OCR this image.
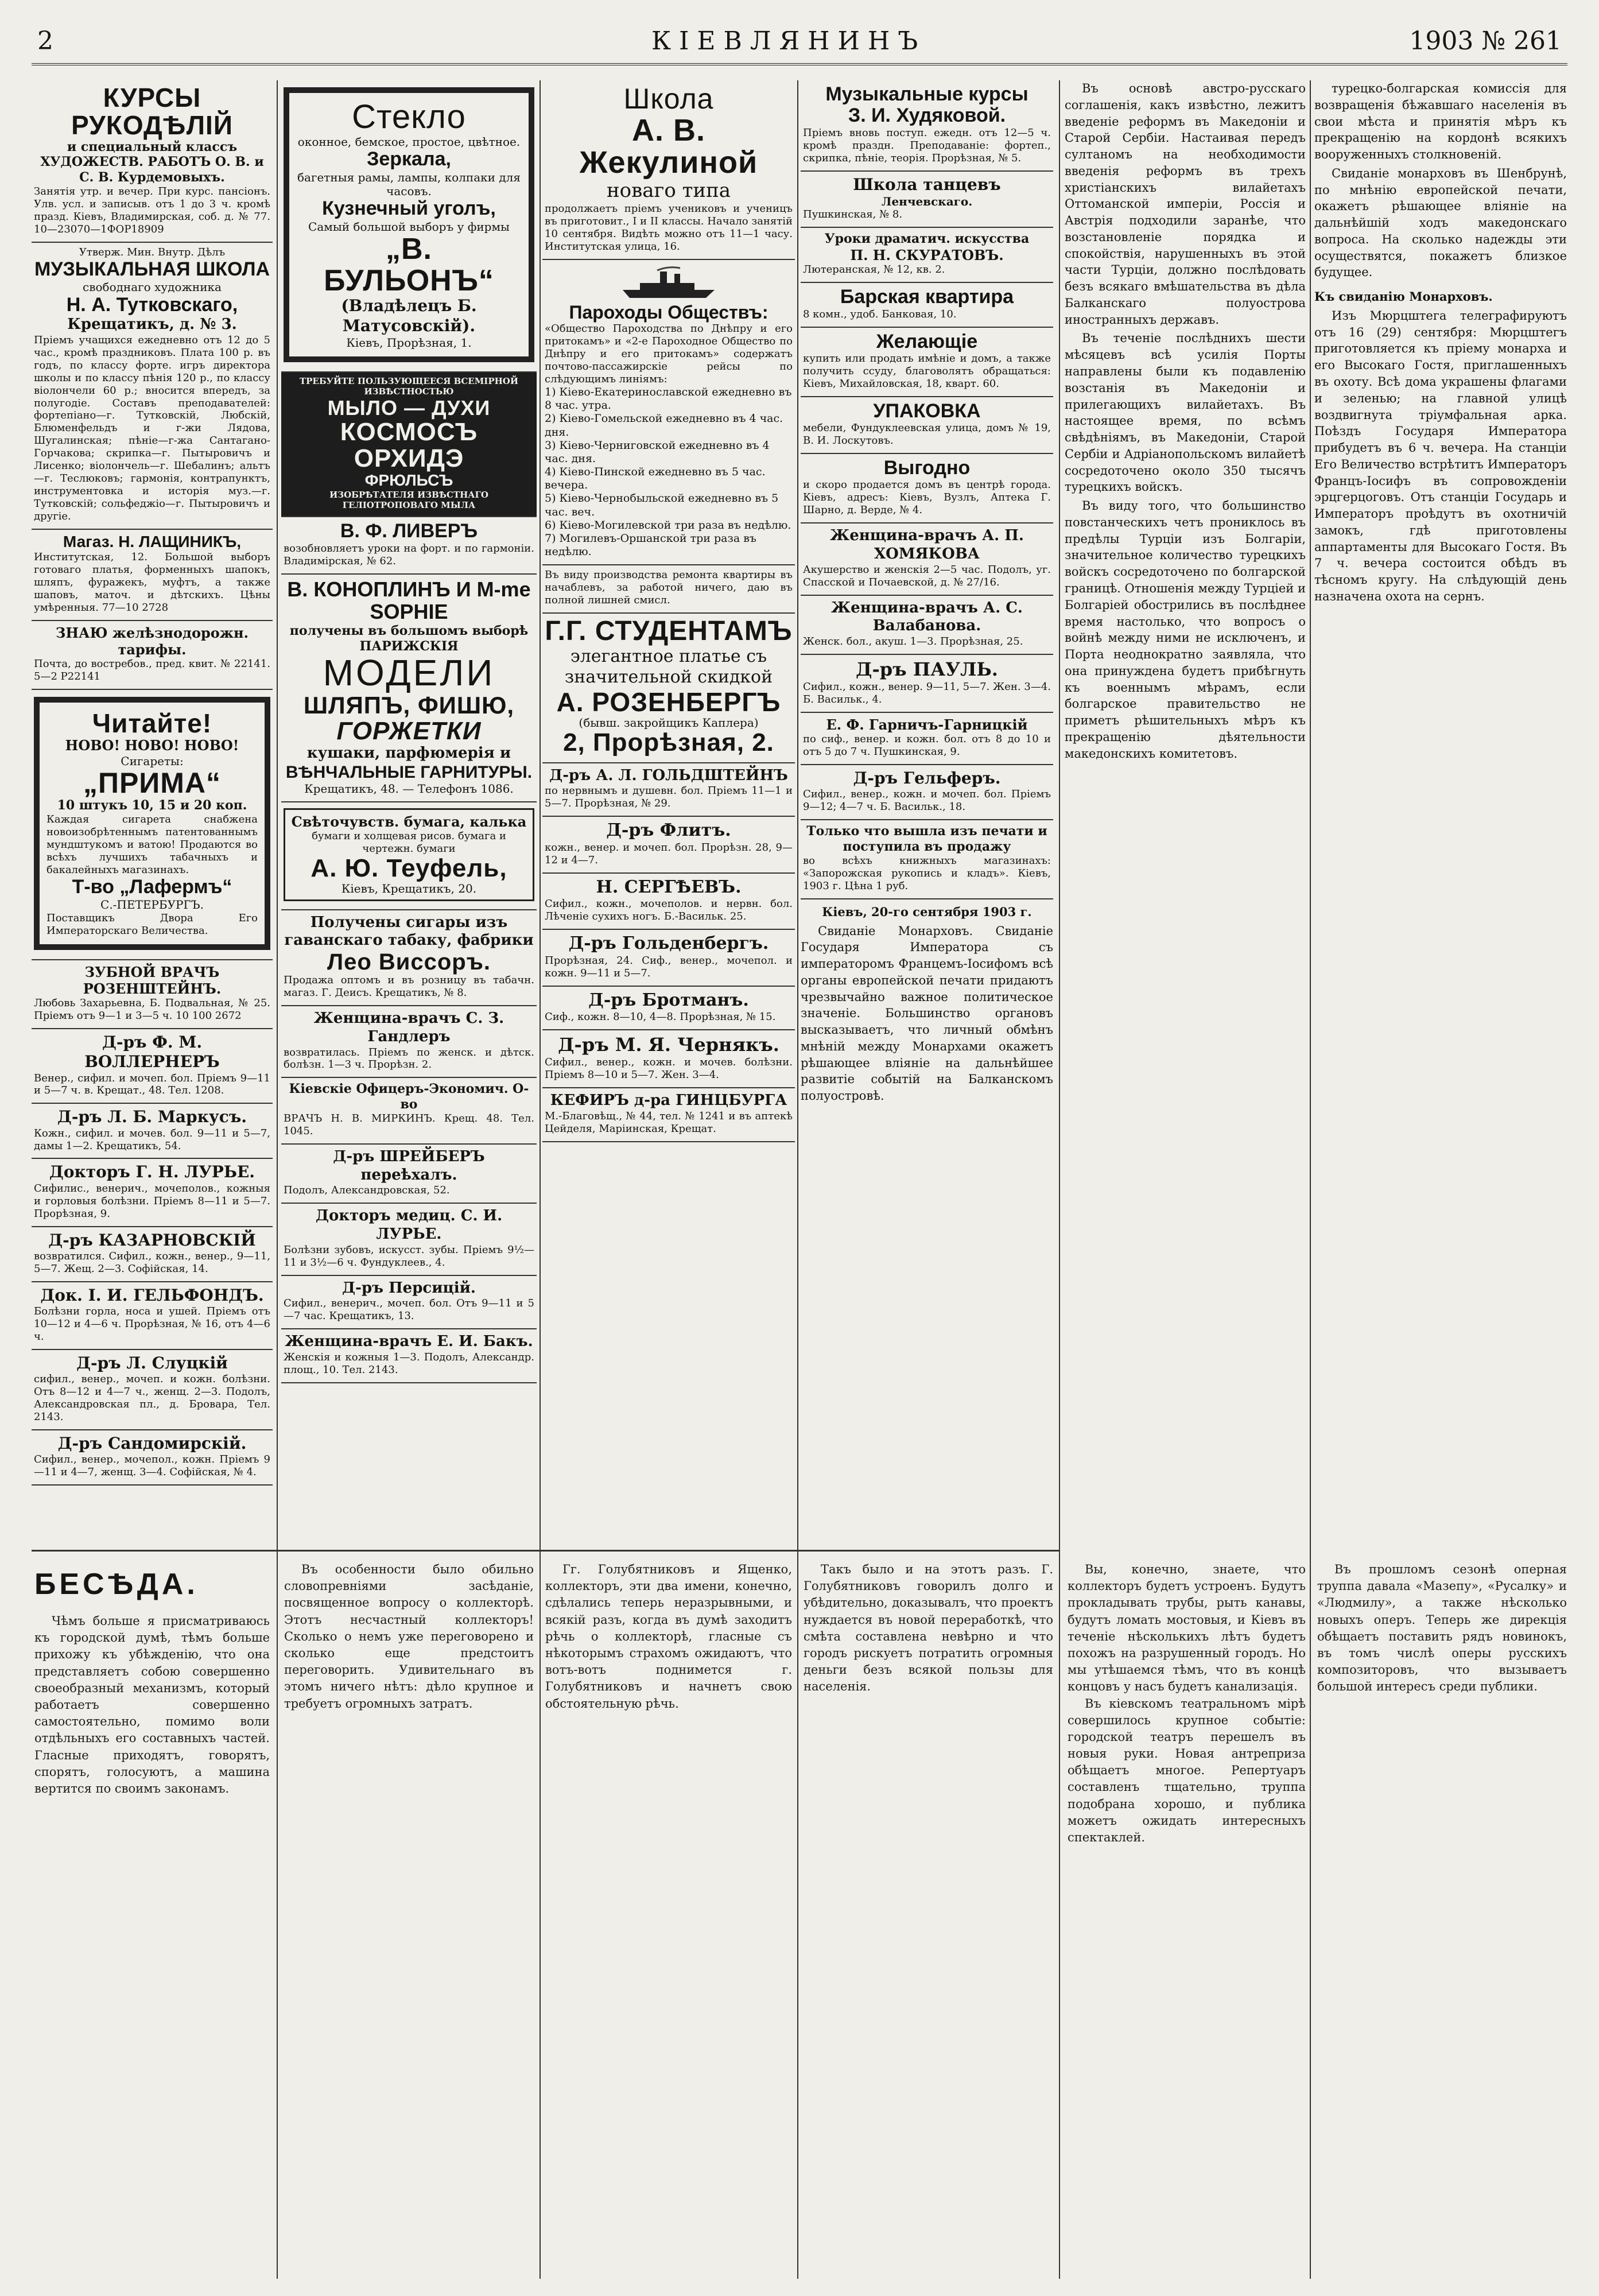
2	КІЕВЛЯНИНЪ	1903 № 261
КУРСЫ РУКОДѢЛІЙ
и специальный классъ ХУДОЖЕСТВ. РАБОТЪ О. В. и С. В. Курдемовыхъ.
Занятія утр. и вечер. При курс. пансіонъ. Улв. усл. и записыв. отъ 1 до 3 ч. кромѣ празд. Кіевъ, Владимирская, соб. д. № 77. 10—23070—1ФОР18909
Утверж. Мин. Внутр. Дѣлъ
МУЗЫКАЛЬНАЯ ШКОЛА
свободнаго художника
Н. А. Тутковскаго,
Крещатикъ, д. № 3.
Пріемъ учащихся ежедневно отъ 12 до 5 час., кромѣ праздниковъ. Плата 100 р. въ годъ, по классу форте. игръ директора школы и по классу пѣнія 120 р., по классу віолончели 60 р.; вносится впередъ, за полугодіе. Составъ преподавателей: фортепіано—г. Тутковскій, Любскій, Блюменфельдъ и г-жи Лядова, Шугалинская; пѣніе—г-жа Сантагано-Горчакова; скрипка—г. Пытыровичъ и Лисенко; віолончель—г. Шебалинъ; альтъ—г. Теслюковъ; гармонія, контрапунктъ, инструментовка и исторія муз.—г. Тутковскій; сольфеджіо—г. Пытыровичъ и другіе.
Магаз. Н. ЛАЩИНИКЪ,
Институтская, 12. Большой выборъ готоваго платья, форменныхъ шапокъ, шляпъ, фуражекъ, муфтъ, а также шаповъ, маточ. и дѣтскихъ. Цѣны умѣренныя. 77—10 2728
ЗНАЮ желѣзнодорожн. тарифы.
Почта, до востребов., пред. квит. № 22141. 5—2 Р22141
Читайте!
НОВО! НОВО! НОВО!
Сигареты:
„ПРИМА“
10 штукъ 10, 15 и 20 коп.
Каждая сигарета снабжена новоизобрѣтеннымъ патентованнымъ мундштукомъ и ватою! Продаются во всѣхъ лучшихъ табачныхъ и бакалейныхъ магазинахъ.
Т-во „Лафермъ“
С.-ПЕТЕРБУРГЪ.
Поставщикъ Двора Его Императорскаго Величества.
ЗУБНОЙ ВРАЧЪ РОЗЕНШТЕЙНЪ.
Любовь Захарьевна, Б. Подвальная, № 25. Пріемъ отъ 9—1 и 3—5 ч. 10 100 2672
Д-ръ Ф. М. ВОЛЛЕРНЕРЪ
Венер., сифил. и мочеп. бол. Пріемъ 9—11 и 5—7 ч. в. Крещат., 48. Тел. 1208.
Д-ръ Л. Б. Маркусъ.
Кожн., сифил. и мочев. бол. 9—11 и 5—7, дамы 1—2. Крещатикъ, 54.
Докторъ Г. Н. ЛУРЬЕ.
Сифилис., венерич., мочеполов., кожныя и горловыя болѣзни. Пріемъ 8—11 и 5—7. Прорѣзная, 9.
Д-ръ КАЗАРНОВСКІЙ
возвратился. Сифил., кожн., венер., 9—11, 5—7. Жещ. 2—3. Софійская, 14.
Док. І. И. ГЕЛЬФОНДЪ.
Болѣзни горла, носа и ушей. Пріемъ отъ 10—12 и 4—6 ч. Прорѣзная, № 16, отъ 4—6 ч.
Д-ръ Л. Слуцкій
сифил., венер., мочеп. и кожн. болѣзни. Отъ 8—12 и 4—7 ч., женщ. 2—3. Подолъ, Александровская пл., д. Бровара, Тел. 2143.
Д-ръ Сандомирскій.
Сифил., венер., мочепол., кожн. Пріемъ 9—11 и 4—7, женщ. 3—4. Софійская, № 4.
Стекло
оконное, бемское, простое, цвѣтное.
Зеркала,
багетныя рамы, лампы, колпаки для часовъ.
Кузнечный уголъ,
Самый большой выборъ у фирмы
„В. БУЛЬОНЪ“
(Владѣлецъ Б. Матусовскій).
Кіевъ, Прорѣзная, 1.
ТРЕБУЙТЕ ПОЛЬЗУЮЩЕЕСЯ ВСЕМІРНОЙ ИЗВѢСТНОСТЬЮ
МЫЛО — ДУХИ
КОСМОСЪ ОРХИДЭ
ФРЮЛЬСЪ
ИЗОБРѢТАТЕЛЯ ИЗВѢСТНАГО ГЕЛІОТРОПОВАГО МЫЛА
В. Ф. ЛИВЕРЪ
возобновляетъ уроки на форт. и по гармоніи. Владимірская, № 62.
В. КОНОПЛИНЪ И M-me SOPHIE
получены въ большомъ выборѣ ПАРИЖСКІЯ
МОДЕЛИ
ШЛЯПЪ, ФИШЮ,
ГОРЖЕТКИ
кушаки, парфюмерія и
ВѢНЧАЛЬНЫЕ ГАРНИТУРЫ.
Крещатикъ, 48. — Телефонъ 1086.
Свѣточувств. бумага, калька
бумаги и холщевая рисов. бумага и чертежн. бумаги
А. Ю. Теуфель,
Кіевъ, Крещатикъ, 20.
Получены сигары изъ гаванскаго табаку, фабрики
Лео Виссоръ.
Продажа оптомъ и въ розницу въ табачн. магаз. Г. Деисъ. Крещатикъ, № 8.
Женщина-врачъ С. З. Гандлеръ
возвратилась. Пріемъ по женск. и дѣтск. болѣзн. 1—3 ч. Прорѣзн. 2.
Кіевскіе Офицеръ-Экономич. О-во
ВРАЧЪ Н. В. МИРКИНЪ. Крещ. 48. Тел. 1045.
Д-ръ ШРЕЙБЕРЪ переѣхалъ.
Подолъ, Александровская, 52.
Докторъ медиц. С. И. ЛУРЬЕ.
Болѣзни зубовъ, искусст. зубы. Пріемъ 9½—11 и 3½—6 ч. Фундуклеев., 4.
Д-ръ Персицій.
Сифил., венерич., мочеп. бол. Отъ 9—11 и 5—7 час. Крещатикъ, 13.
Женщина-врачъ Е. И. Бакъ.
Женскія и кожныя 1—3. Подолъ, Александр. площ., 10. Тел. 2143.
Школа
А. В. Жекулиной
новаго типа
продолжаетъ пріемъ учениковъ и ученицъ въ приготовит., I и II классы. Начало занятій 10 сентября. Видѣть можно отъ 11—1 часу. Институтская улица, 16.
Пароходы Обществъ:
«Общество Пароходства по Днѣпру и его притокамъ» и «2-е Пароходное Общество по Днѣпру и его притокамъ» содержатъ почтово-пассажирскіе рейсы по слѣдующимъ линіямъ:
1) Кіево-Екатеринославской ежедневно въ 8 час. утра.
2) Кіево-Гомельской ежедневно въ 4 час. дня.
3) Кіево-Черниговской ежедневно въ 4 час. дня.
4) Кіево-Пинской ежедневно въ 5 час. вечера.
5) Кіево-Чернобыльской ежедневно въ 5 час. веч.
6) Кіево-Могилевской три раза въ недѣлю.
7) Могилевъ-Оршанской три раза въ недѣлю.
Въ виду производства ремонта квартиры въ начаблевъ, за работой ничего, даю въ полной лишней смисл.
Г.Г. СТУДЕНТАМЪ
элегантное платье съ
значительной скидкой
А. РОЗЕНБЕРГЪ
(бывш. закройщикъ Каплера)
2, Прорѣзная, 2.
Д-ръ А. Л. ГОЛЬДШТЕЙНЪ
по нервнымъ и душевн. бол. Пріемъ 11—1 и 5—7. Прорѣзная, № 29.
Д-ръ Флитъ.
кожн., венер. и мочеп. бол. Прорѣзн. 28, 9—12 и 4—7.
Н. СЕРГѢЕВЪ.
Сифил., кожн., мочеполов. и нервн. бол. Лѣченіе сухихъ ногъ. Б.-Васильк. 25.
Д-ръ Гольденбергъ.
Прорѣзная, 24. Сиф., венер., мочепол. и кожн. 9—11 и 5—7.
Д-ръ Бротманъ.
Сиф., кожн. 8—10, 4—8. Прорѣзная, № 15.
Д-ръ М. Я. Чернякъ.
Сифил., венер., кожн. и мочев. болѣзни. Пріемъ 8—10 и 5—7. Жен. 3—4.
КЕФИРЪ д-ра ГИНЦБУРГА
М.-Благовѣщ., № 44, тел. № 1241 и въ аптекѣ Цейделя, Маріинская, Крещат.
Музыкальные курсы
З. И. Худяковой.
Пріемъ вновь поступ. ежедн. отъ 12—5 ч. кромѣ праздн. Преподаваніе: фортеп., скрипка, пѣніе, теорія. Прорѣзная, № 5.
Школа танцевъ
Ленчевскаго.
Пушкинская, № 8.
Уроки драматич. искусства
П. Н. СКУРАТОВЪ.
Лютеранская, № 12, кв. 2.
Барская квартира
8 комн., удоб. Банковая, 10.
Желающіе
купить или продать имѣніе и домъ, а также получить ссуду, благоволятъ обращаться: Кіевъ, Михайловская, 18, кварт. 60.
УПАКОВКА
мебели, Фундуклеевская улица, домъ № 19, В. И. Лоскутовъ.
Выгодно
и скоро продается домъ въ центрѣ города. Кіевъ, адресъ: Кіевъ, Вузлъ, Аптека Г. Шарно, д. Верде, № 4.
Женщина-врачъ А. П. ХОМЯКОВА
Акушерство и женскія 2—5 час. Подолъ, уг. Спасской и Почаевской, д. № 27/16.
Женщина-врачъ А. С. Валабанова.
Женск. бол., акуш. 1—3. Прорѣзная, 25.
Д-ръ ПАУЛЬ.
Сифил., кожн., венер. 9—11, 5—7. Жен. 3—4. Б. Васильк., 4.
Е. Ф. Гарничъ-Гарницкій
по сиф., венер. и кожн. бол. отъ 8 до 10 и отъ 5 до 7 ч. Пушкинская, 9.
Д-ръ Гельферъ.
Сифил., венер., кожн. и мочеп. бол. Пріемъ 9—12; 4—7 ч. Б. Васильк., 18.
Только что вышла изъ печати и поступила въ продажу
во всѣхъ книжныхъ магазинахъ: «Запорожская рукопись и кладъ». Кіевъ, 1903 г. Цѣна 1 руб.

Кіевъ, 20-го сентября 1903 г.

Свиданіе Монарховъ. Свиданіе Государя Императора съ императоромъ Францемъ-Іосифомъ всѣ органы европейской печати придаютъ чрезвычайно важное политическое значеніе. Большинство органовъ высказываетъ, что личный обмѣнъ мнѣній между Монархами окажетъ рѣшающее вліяніе на дальнѣйшее развитіе событій на Балканскомъ полуостровѣ.

Въ основѣ австро-русскаго соглашенія, какъ извѣстно, лежитъ введеніе реформъ въ Македоніи и Старой Сербіи. Настаивая передъ султаномъ на необходимости введенія реформъ въ трехъ христіанскихъ вилайетахъ Оттоманской имперіи, Россія и Австрія подходили заранѣе, что возстановленіе порядка и спокойствія, нарушенныхъ въ этой части Турціи, должно послѣдовать безъ всякаго вмѣшательства въ дѣла Балканскаго полуострова иностранныхъ державъ.

Въ теченіе послѣднихъ шести мѣсяцевъ всѣ усилія Порты направлены были къ подавленію возстанія въ Македоніи и прилегающихъ вилайетахъ. Въ настоящее время, по всѣмъ свѣдѣніямъ, въ Македоніи, Старой Сербіи и Адріанопольскомъ вилайетѣ сосредоточено около 350 тысячъ турецкихъ войскъ.

Въ виду того, что большинство повстанческихъ четъ прониклось въ предѣлы Турціи изъ Болгаріи, значительное количество турецкихъ войскъ сосредоточено по болгарской границѣ. Отношенія между Турціей и Болгаріей обострились въ послѣднее время настолько, что вопросъ о войнѣ между ними не исключенъ, и Порта неоднократно заявляла, что она принуждена будетъ прибѣгнуть къ военнымъ мѣрамъ, если болгарское правительство не приметъ рѣшительныхъ мѣръ къ прекращенію дѣятельности македонскихъ комитетовъ.

турецко-болгарская комиссія для возвращенія бѣжавшаго населенія въ свои мѣста и принятія мѣръ къ прекращенію на кордонѣ всякихъ вооруженныхъ столкновеній.

Свиданіе монарховъ въ Шенбрунѣ, по мнѣнію европейской печати, окажетъ рѣшающее вліяніе на дальнѣйшій ходъ македонскаго вопроса. На сколько надежды эти осуществятся, покажетъ близкое будущее.

Къ свиданію Монарховъ.

Изъ Мюрцштега телеграфируютъ отъ 16 (29) сентября: Мюрцштегъ приготовляется къ пріему монарха и его Высокаго Гостя, приглашенныхъ въ охоту. Всѣ дома украшены флагами и зеленью; на главной улицѣ воздвигнута тріумфальная арка. Поѣздъ Государя Императора прибудетъ въ 6 ч. вечера. На станціи Его Величество встрѣтитъ Императоръ Францъ-Іосифъ въ сопровожденіи эрцгерцоговъ. Отъ станціи Государь и Императоръ проѣдутъ въ охотничій замокъ, гдѣ приготовлены аппартаменты для Высокаго Гостя. Въ 7 ч. вечера состоится обѣдъ въ тѣсномъ кругу. На слѣдующій день назначена охота на сернъ.

БЕСѢДА.

Чѣмъ больше я присматриваюсь къ городской думѣ, тѣмъ больше прихожу къ убѣжденію, что она представляетъ собою совершенно своеобразный механизмъ, который работаетъ совершенно самостоятельно, помимо воли отдѣльныхъ его составныхъ частей. Гласные приходятъ, говорятъ, спорятъ, голосуютъ, а машина вертится по своимъ законамъ.

Въ особенности было обильно словопревніями засѣданіе, посвященное вопросу о коллекторѣ. Этотъ несчастный коллекторъ! Сколько о немъ уже переговорено и сколько еще предстоитъ переговорить. Удивительнаго въ этомъ ничего нѣтъ: дѣло крупное и требуетъ огромныхъ затратъ.

Гг. Голубятниковъ и Ященко, коллекторъ, эти два имени, конечно, сдѣлались теперь неразрывными, и всякій разъ, когда въ думѣ заходитъ рѣчь о коллекторѣ, гласные съ нѣкоторымъ страхомъ ожидаютъ, что вотъ-вотъ поднимется г. Голубятниковъ и начнетъ свою обстоятельную рѣчь.

Такъ было и на этотъ разъ. Г. Голубятниковъ говорилъ долго и убѣдительно, доказывалъ, что проектъ нуждается въ новой переработкѣ, что смѣта составлена невѣрно и что городъ рискуетъ потратить огромныя деньги безъ всякой пользы для населенія.

Вы, конечно, знаете, что коллекторъ будетъ устроенъ. Будутъ прокладывать трубы, рыть канавы, будутъ ломать мостовыя, и Кіевъ въ теченіе нѣсколькихъ лѣтъ будетъ похожъ на разрушенный городъ. Но мы утѣшаемся тѣмъ, что въ концѣ концовъ у насъ будетъ канализація.

Въ кіевскомъ театральномъ мірѣ совершилось крупное событіе: городской театръ перешелъ въ новыя руки. Новая антреприза обѣщаетъ многое. Репертуаръ составленъ тщательно, труппа подобрана хорошо, и публика можетъ ожидать интересныхъ спектаклей.

Въ прошломъ сезонѣ оперная труппа давала «Мазепу», «Русалку» и «Людмилу», а также нѣсколько новыхъ оперъ. Теперь же дирекція обѣщаетъ поставить рядъ новинокъ, въ томъ числѣ оперы русскихъ композиторовъ, что вызываетъ большой интересъ среди публики.
